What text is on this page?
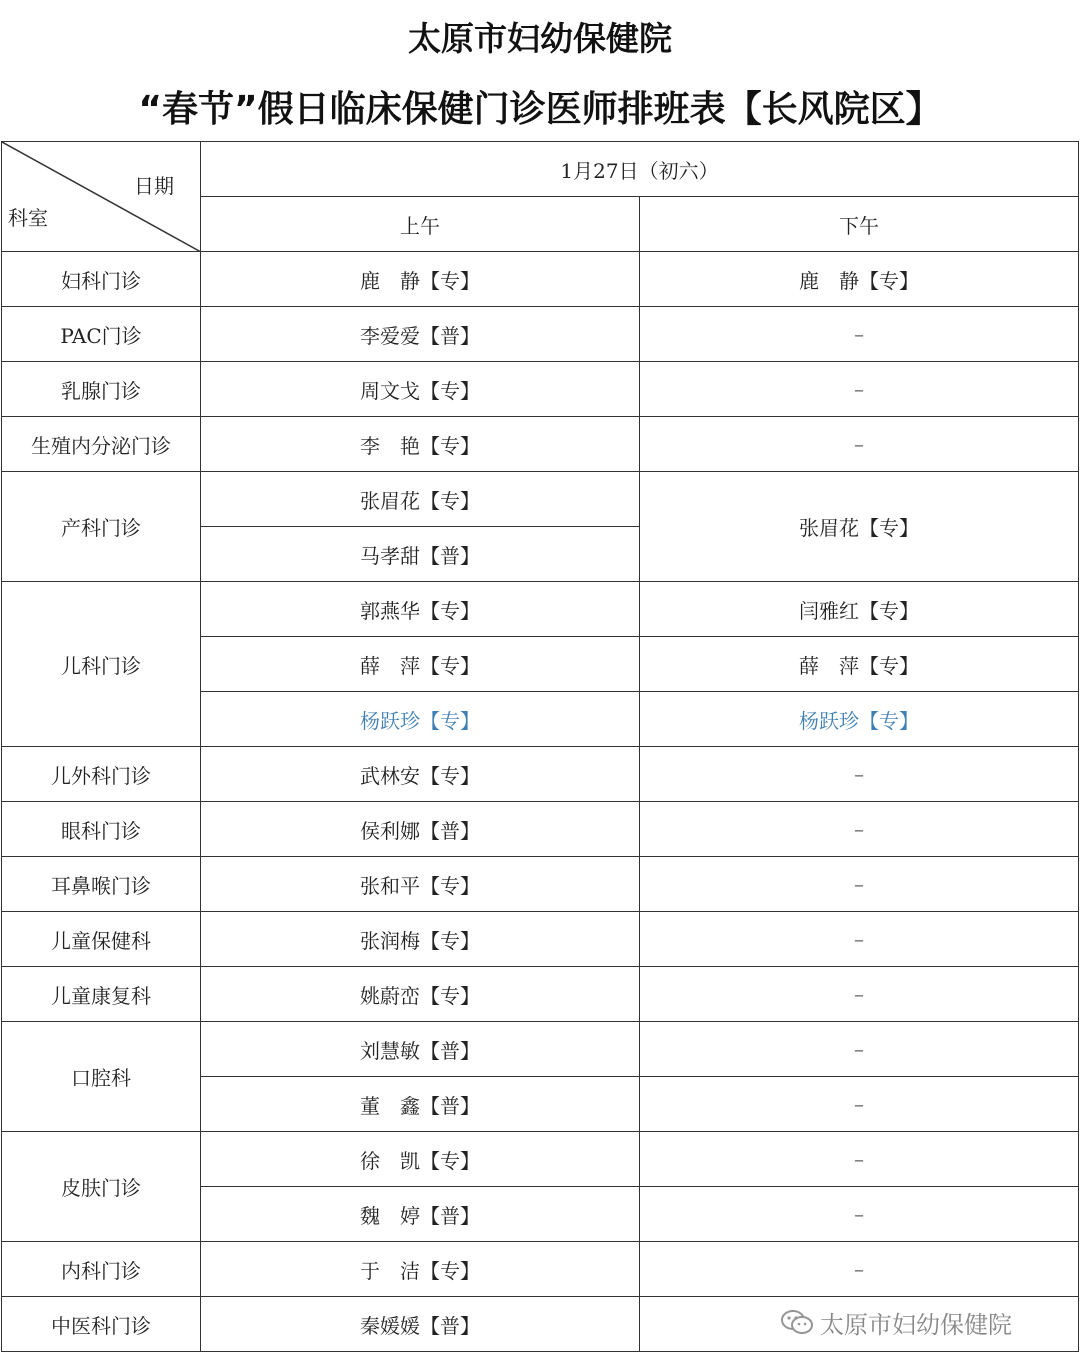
太原市妇幼保健院
“春节”假日临床保健门诊医师排班表【长风院区】
日期
科室	1月27日（初六）	
	上午	下午
妇科门诊	鹿　静【专】	鹿　静【专】
PAC门诊	李爱爱【普】	–
乳腺门诊	周文戈【专】	–
生殖内分泌门诊	李　艳【专】	–
产科门诊	张眉花【专】	张眉花【专】
	马孝甜【普】	
儿科门诊	郭燕华【专】	闫雅红【专】
	薛　萍【专】	薛　萍【专】
	杨跃珍【专】	杨跃珍【专】
儿外科门诊	武林安【专】	–
眼科门诊	侯利娜【普】	–
耳鼻喉门诊	张和平【专】	–
儿童保健科	张润梅【专】	–
儿童康复科	姚蔚峦【专】	–
口腔科	刘慧敏【普】	–
	董　鑫【普】	–
皮肤门诊	徐　凯【专】	–
	魏　婷【普】	–
内科门诊	于　洁【专】	–
中医科门诊	秦媛媛【普】		太原市妇幼保健院
